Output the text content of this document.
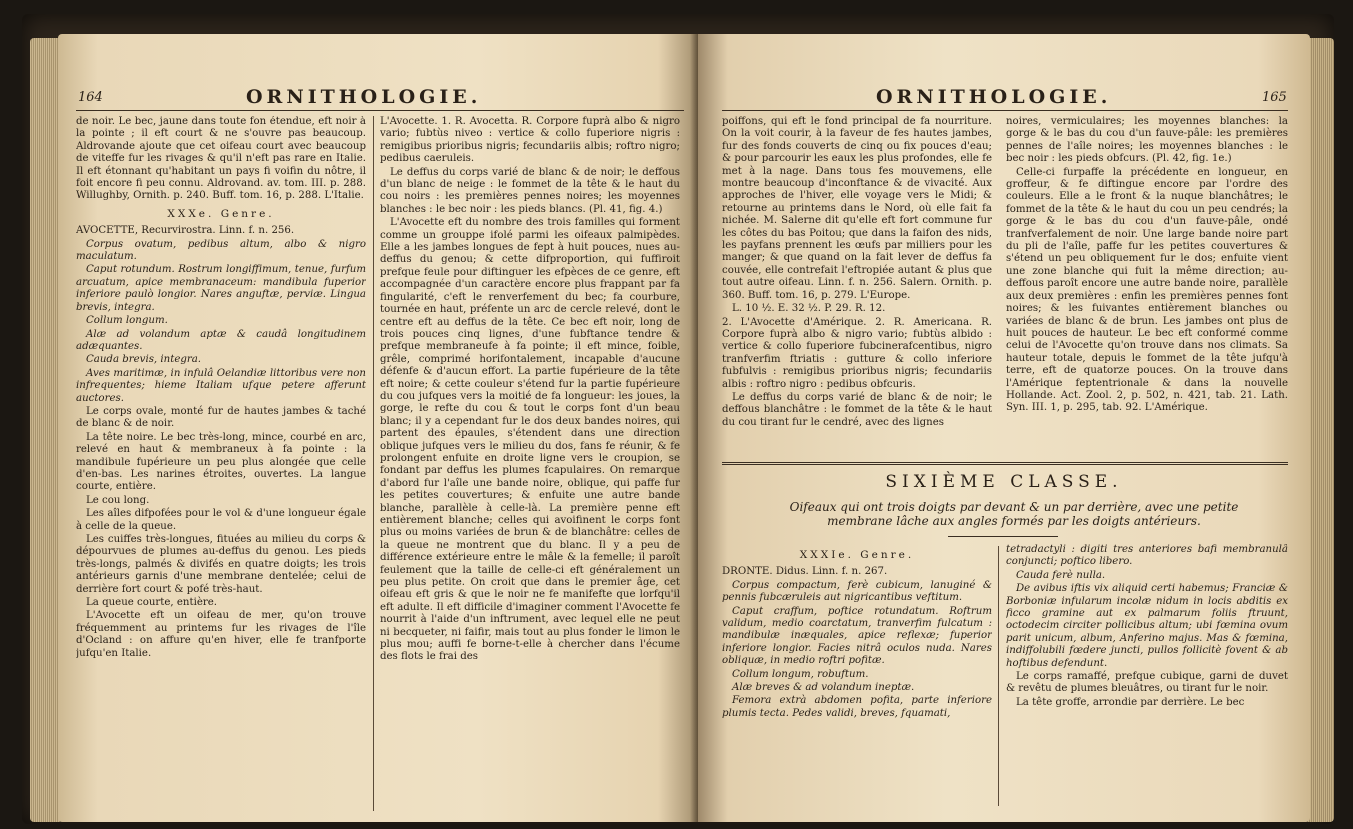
164	ORNITHOLOGIE.

de noir. Le bec, jaune dans toute fon étendue, eft noir à la pointe ; il eft court & ne s'ouvre pas beaucoup. Aldrovande ajoute que cet oifeau court avec beaucoup de viteffe fur les rivages & qu'il n'eft pas rare en Italie. Il eft étonnant qu'habitant un pays fi voifin du nôtre, il foit encore fi peu connu. Aldrovand. av. tom. III. p. 288. Willughby, Ornith. p. 240. Buff. tom. 16, p. 288. L'Italie.

XXXe. Genre.

AVOCETTE, Recurvirostra. Linn. f. n. 256.

Corpus ovatum, pedibus altum, albo & nigro maculatum.

Caput rotundum. Rostrum longiffimum, tenue, furfum arcuatum, apice membranaceum: mandibula fuperior inferiore paulò longior. Nares anguftæ, perviæ. Lingua brevis, integra.

Collum longum.

Alæ ad volandum aptæ & caudâ longitudinem adæquantes.

Cauda brevis, integra.

Aves maritimæ, in infulâ Oelandiæ littoribus vere non infrequentes; hieme Italiam ufque petere afferunt auctores.

Le corps ovale, monté fur de hautes jambes & taché de blanc & de noir.

La tête noire. Le bec très-long, mince, courbé en arc, relevé en haut & membraneux à fa pointe : la mandibule fupérieure un peu plus alongée que celle d'en-bas. Les narines étroites, ouvertes. La langue courte, entière.

Le cou long.

Les aîles difpofées pour le vol & d'une longueur égale à celle de la queue.

Les cuiffes très-longues, fituées au milieu du corps & dépourvues de plumes au-deffus du genou. Les pieds très-longs, palmés & divifés en quatre doigts; les trois antérieurs garnis d'une membrane dentelée; celui de derrière fort court & pofé très-haut.

La queue courte, entière.

L'Avocette eft un oifeau de mer, qu'on trouve fréquemment au printems fur les rivages de l'île d'Ocland : on affure qu'en hiver, elle fe tranfporte jufqu'en Italie.

L'Avocette. 1. R. Avocetta. R. Corpore fuprà albo & nigro vario; fubtùs niveo : vertice & collo fuperiore nigris : remigibus prioribus nigris; fecundariis albis; roftro nigro; pedibus caeruleis.

Le deffus du corps varié de blanc & de noir; le deffous d'un blanc de neige : le fommet de la tête & le haut du cou noirs : les premières pennes noires; les moyennes blanches : le bec noir : les pieds blancs. (Pl. 41, fig. 4.)

L'Avocette eft du nombre des trois familles qui forment comme un grouppe ifolé parmi les oifeaux palmipèdes. Elle a les jambes longues de fept à huit pouces, nues au-deffus du genou; & cette difproportion, qui fuffiroit prefque feule pour diftinguer les efpèces de ce genre, eft accompagnée d'un caractère encore plus frappant par fa fingularité, c'eft le renverfement du bec; fa courbure, tournée en haut, préfente un arc de cercle relevé, dont le centre eft au deffus de la tête. Ce bec eft noir, long de trois pouces cinq lignes, d'une fubftance tendre & prefque membraneufe à fa pointe; il eft mince, foible, grêle, comprimé horifontalement, incapable d'aucune défenfe & d'aucun effort. La partie fupérieure de la tête eft noire; & cette couleur s'étend fur la partie fupérieure du cou jufques vers la moitié de fa longueur: les joues, la gorge, le refte du cou & tout le corps font d'un beau blanc; il y a cependant fur le dos deux bandes noires, qui partent des épaules, s'étendent dans une direction oblique jufques vers le milieu du dos, fans fe réunir, & fe prolongent enfuite en droite ligne vers le croupion, se fondant par deffus les plumes fcapulaires. On remarque d'abord fur l'aîle une bande noire, oblique, qui paffe fur les petites couvertures; & enfuite une autre bande blanche, parallèle à celle-là. La première penne eft entièrement blanche; celles qui avoifinent le corps font plus ou moins variées de brun & de blanchâtre: celles de la queue ne montrent que du blanc. Il y a peu de différence extérieure entre le mâle & la femelle; il paroît feulement que la taille de celle-ci eft généralement un peu plus petite. On croit que dans le premier âge, cet oifeau eft gris & que le noir ne fe manifefte que lorfqu'il eft adulte. Il eft difficile d'imaginer comment l'Avocette fe nourrit à l'aide d'un inftrument, avec lequel elle ne peut ni becqueter, ni faifir, mais tout au plus fonder le limon le plus mou; auffi fe borne-t-elle à chercher dans l'écume des flots le frai des

ORNITHOLOGIE.	165

poiffons, qui eft le fond principal de fa nourriture. On la voit courir, à la faveur de fes hautes jambes, fur des fonds couverts de cinq ou fix pouces d'eau; & pour parcourir les eaux les plus profondes, elle fe met à la nage. Dans tous fes mouvemens, elle montre beaucoup d'inconftance & de vivacité. Aux approches de l'hiver, elle voyage vers le Midi; & retourne au printems dans le Nord, où elle fait fa nichée. M. Salerne dit qu'elle eft fort commune fur les côtes du bas Poitou; que dans la faifon des nids, les payfans prennent les œufs par milliers pour les manger; & que quand on la fait lever de deffus fa couvée, elle contrefait l'eftropiée autant & plus que tout autre oifeau. Linn. f. n. 256. Salern. Ornith. p. 360. Buff. tom. 16, p. 279. L'Europe.

L. 10 ½. E. 32 ½. P. 29. R. 12.

2. L'Avocette d'Amérique. 2. R. Americana. R. Corpore fuprà albo & nigro vario; fubtùs albido : vertice & collo fuperiore fubcinerafcentibus, nigro tranfverfim ftriatis : gutture & collo inferiore fubfulvis : remigibus prioribus nigris; fecundariis albis : roftro nigro : pedibus obfcuris.

Le deffus du corps varié de blanc & de noir; le deffous blanchâtre : le fommet de la tête & le haut du cou tirant fur le cendré, avec des lignes

noires, vermiculaires; les moyennes blanches: la gorge & le bas du cou d'un fauve-pâle: les premières pennes de l'aîle noires; les moyennes blanches : le bec noir : les pieds obfcurs. (Pl. 42, fig. 1e.)

Celle-ci furpaffe la précédente en longueur, en groffeur, & fe diftingue encore par l'ordre des couleurs. Elle a le front & la nuque blanchâtres; le fommet de la tête & le haut du cou un peu cendrés; la gorge & le bas du cou d'un fauve-pâle, ondé tranfverfalement de noir. Une large bande noire part du pli de l'aîle, paffe fur les petites couvertures & s'étend un peu obliquement fur le dos; enfuite vient une zone blanche qui fuit la même direction; au-deffous paroît encore une autre bande noire, parallèle aux deux premières : enfin les premières pennes font noires; & les fuivantes entièrement blanches ou variées de blanc & de brun. Les jambes ont plus de huit pouces de hauteur. Le bec eft conformé comme celui de l'Avocette qu'on trouve dans nos climats. Sa hauteur totale, depuis le fommet de la tête jufqu'à terre, eft de quatorze pouces. On la trouve dans l'Amérique feptentrionale & dans la nouvelle Hollande. Act. Zool. 2, p. 502, n. 421, tab. 21. Lath. Syn. III. 1, p. 295, tab. 92. L'Amérique.

SIXIÈME CLASSE.
Oifeaux qui ont trois doigts par devant & un par derrière, avec une petite membrane lâche aux angles formés par les doigts antérieurs.

XXXIe. Genre.

DRONTE. Didus. Linn. f. n. 267.

Corpus compactum, ferè cubicum, lanuginé & pennis fubcæruleis aut nigricantibus veftitum.

Caput craffum, poftice rotundatum. Roftrum validum, medio coarctatum, tranverfim fulcatum : mandibulæ inæquales, apice reflexæ; fuperior inferiore longior. Facies nitrâ oculos nuda. Nares obliquæ, in medio roftri pofitæ.

Collum longum, robuftum.

Alæ breves & ad volandum ineptæ.

Femora extrà abdomen pofita, parte inferiore plumis tecta. Pedes validi, breves, fquamati,

tetradactyli : digiti tres anteriores bafi membranulâ conjuncti; poftico libero.

Cauda ferè nulla.

De avibus iftis vix aliquid certi habemus; Franciæ & Borboniæ infularum incolæ nidum in locis abditis ex ficco gramine aut ex palmarum foliis ftruunt, octodecim circiter pollicibus altum; ubi fœmina ovum parit unicum, album, Anferino majus. Mas & fœmina, indiffolubili fœdere juncti, pullos follicitè fovent & ab hoftibus defendunt.

Le corps ramaffé, prefque cubique, garni de duvet & revêtu de plumes bleuâtres, ou tirant fur le noir.

La tête groffe, arrondie par derrière. Le bec
